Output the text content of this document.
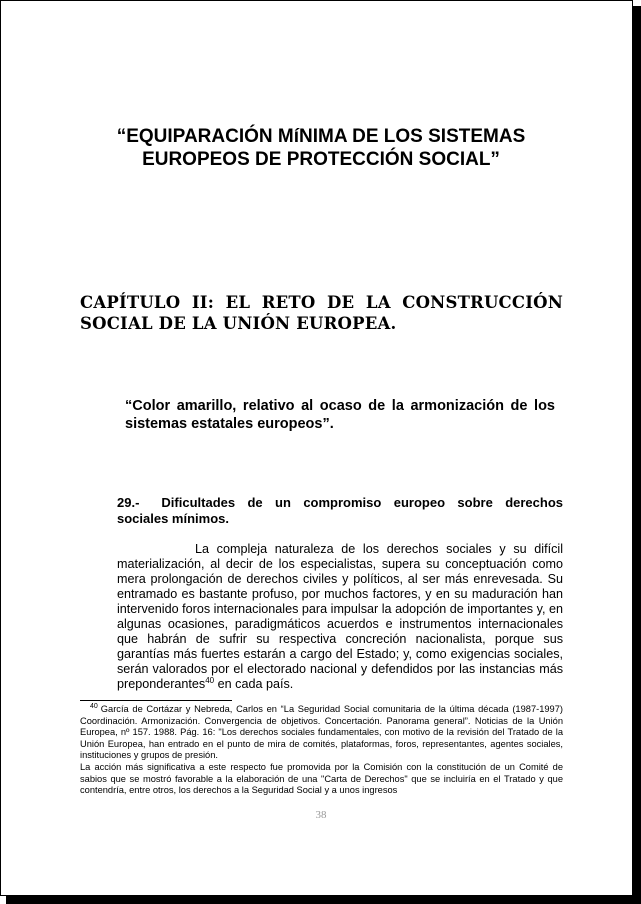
“EQUIPARACIÓN MíNIMA DE LOS SISTEMAS
EUROPEOS DE PROTECCIÓN SOCIAL”
CAPÍTULO II: EL RETO DE LA CONSTRUCCIÓN SOCIAL DE LA UNIÓN EUROPEA.
“Color amarillo, relativo al ocaso de la armonización de los sistemas estatales europeos”.
29.- Dificultades de un compromiso europeo sobre derechos sociales mínimos.

La compleja naturaleza de los derechos sociales y su difícil materialización, al decir de los especialistas, supera su conceptuación como mera prolongación de derechos civiles y políticos, al ser más enrevesada. Su entramado es bastante profuso, por muchos factores, y en su maduración han intervenido foros internacionales para impulsar la adopción de importantes y, en algunas ocasiones, paradigmáticos acuerdos e instrumentos internacionales que habrán de sufrir su respectiva concreción nacionalista, porque sus garantías más fuertes estarán a cargo del Estado; y, como exigencias sociales, serán valorados por el electorado nacional y defendidos por las instancias más preponderantes$^{40}$ en cada país.

$^{40}$ García de Cortázar y Nebreda, Carlos en “La Seguridad Social comunitaria de la última década (1987-1997) Coordinación. Armonización. Convergencia de objetivos. Concertación. Panorama general”. Noticias de la Unión Europea, nº 157. 1988. Pág. 16: "Los derechos sociales fundamentales, con motivo de la revisión del Tratado de la Unión Europea, han entrado en el punto de mira de comités, plataformas, foros, representantes, agentes sociales, instituciones y grupos de presión.

La acción más significativa a este respecto fue promovida por la Comisión con la constitución de un Comité de sabios que se mostró favorable a la elaboración de una "Carta de Derechos" que se incluiría en el Tratado y que contendría, entre otros, los derechos a la Seguridad Social y a unos ingresos

38
